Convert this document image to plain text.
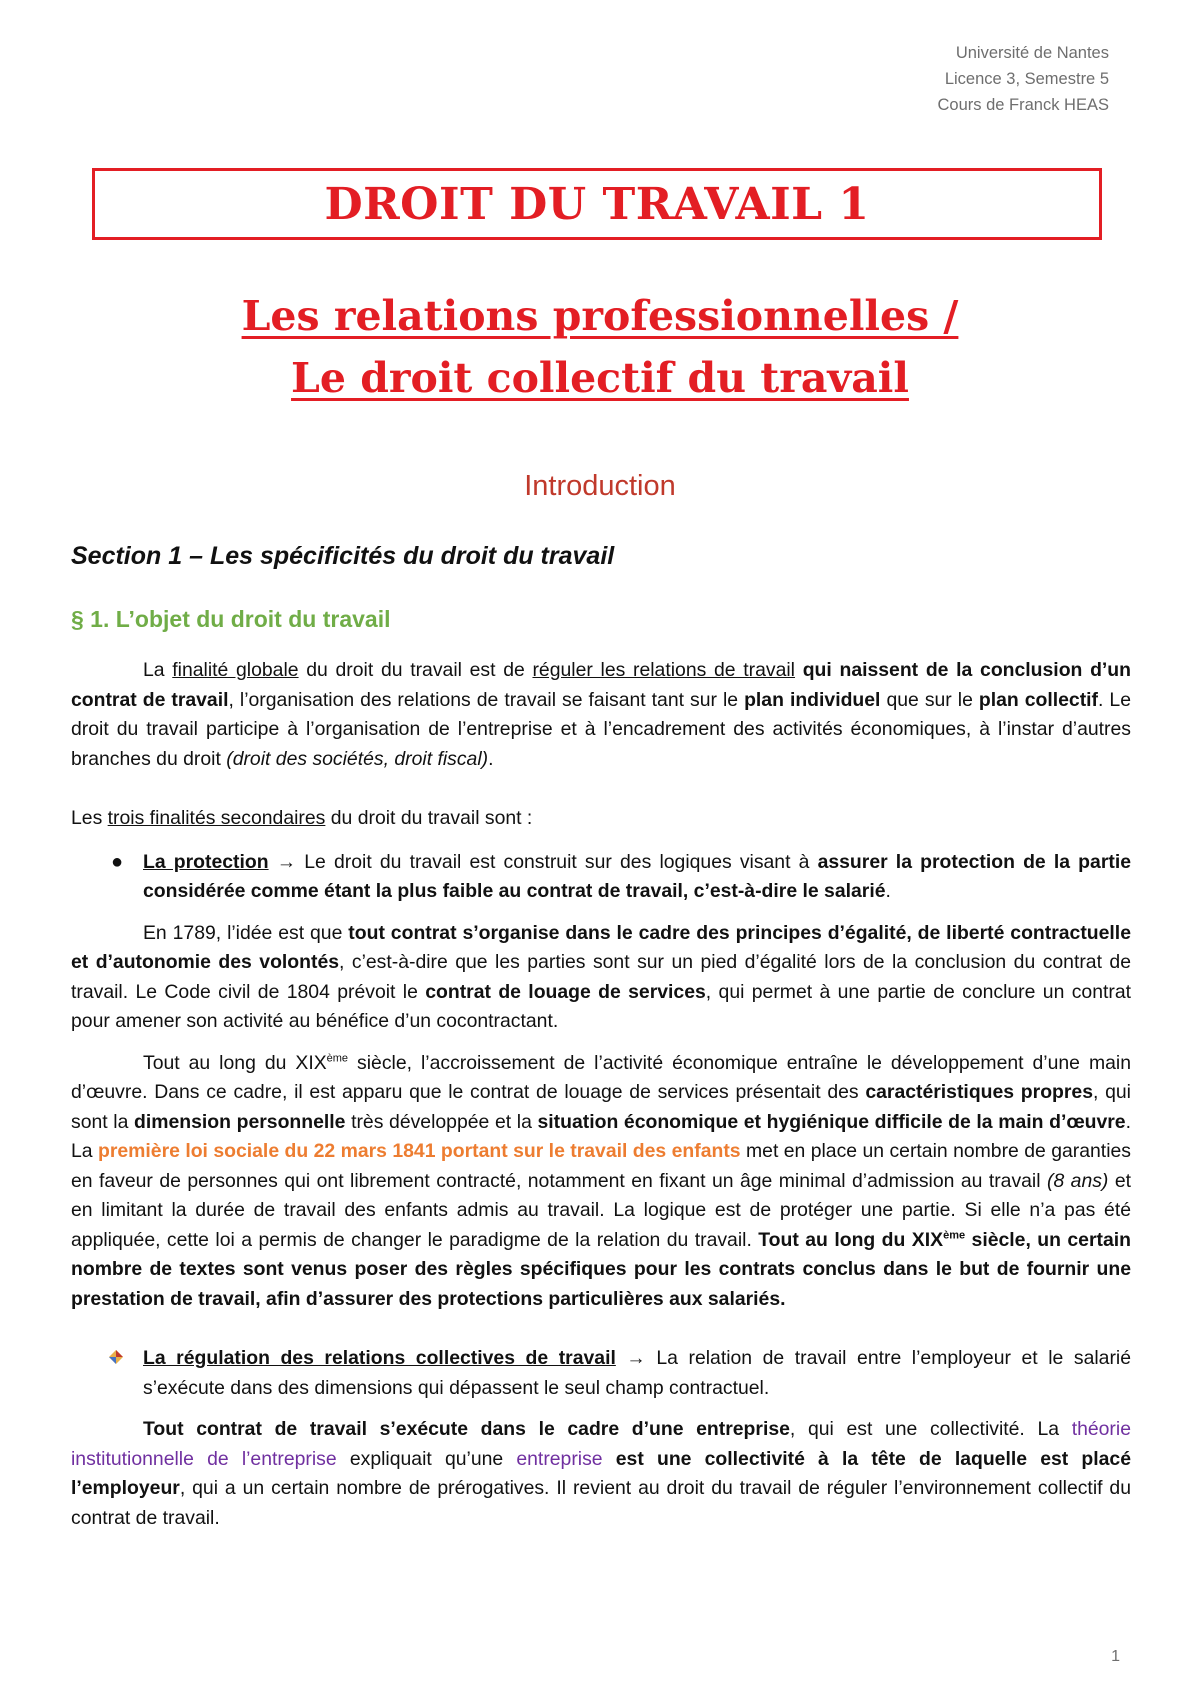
Université de Nantes
Licence 3, Semestre 5
Cours de Franck HEAS
DROIT DU TRAVAIL 1
Les relations professionnelles /
Le droit collectif du travail
Introduction
Section 1 – Les spécificités du droit du travail
§ 1. L’objet du droit du travail

La finalité globale du droit du travail est de réguler les relations de travail qui naissent de la conclusion d’un contrat de travail, l’organisation des relations de travail se faisant tant sur le plan individuel que sur le plan collectif. Le droit du travail participe à l’organisation de l’entreprise et à l’encadrement des activités économiques, à l’instar d’autres branches du droit (droit des sociétés, droit fiscal).

Les trois finalités secondaires du droit du travail sont :

● La protection → Le droit du travail est construit sur des logiques visant à assurer la protection de la partie considérée comme étant la plus faible au contrat de travail, c’est-à-dire le salarié.

En 1789, l’idée est que tout contrat s’organise dans le cadre des principes d’égalité, de liberté contractuelle et d’autonomie des volontés, c’est-à-dire que les parties sont sur un pied d’égalité lors de la conclusion du contrat de travail. Le Code civil de 1804 prévoit le contrat de louage de services, qui permet à une partie de conclure un contrat pour amener son activité au bénéfice d’un cocontractant.

Tout au long du XIXème siècle, l’accroissement de l’activité économique entraîne le développement d’une main d’œuvre. Dans ce cadre, il est apparu que le contrat de louage de services présentait des caractéristiques propres, qui sont la dimension personnelle très développée et la situation économique et hygiénique difficile de la main d’œuvre. La première loi sociale du 22 mars 1841 portant sur le travail des enfants met en place un certain nombre de garanties en faveur de personnes qui ont librement contracté, notamment en fixant un âge minimal d’admission au travail (8 ans) et en limitant la durée de travail des enfants admis au travail. La logique est de protéger une partie. Si elle n’a pas été appliquée, cette loi a permis de changer le paradigme de la relation du travail. Tout au long du XIXème siècle, un certain nombre de textes sont venus poser des règles spécifiques pour les contrats conclus dans le but de fournir une prestation de travail, afin d’assurer des protections particulières aux salariés.

La régulation des relations collectives de travail → La relation de travail entre l’employeur et le salarié s’exécute dans des dimensions qui dépassent le seul champ contractuel.

Tout contrat de travail s’exécute dans le cadre d’une entreprise, qui est une collectivité. La théorie institutionnelle de l’entreprise expliquait qu’une entreprise est une collectivité à la tête de laquelle est placé l’employeur, qui a un certain nombre de prérogatives. Il revient au droit du travail de réguler l’environnement collectif du contrat de travail.

1
